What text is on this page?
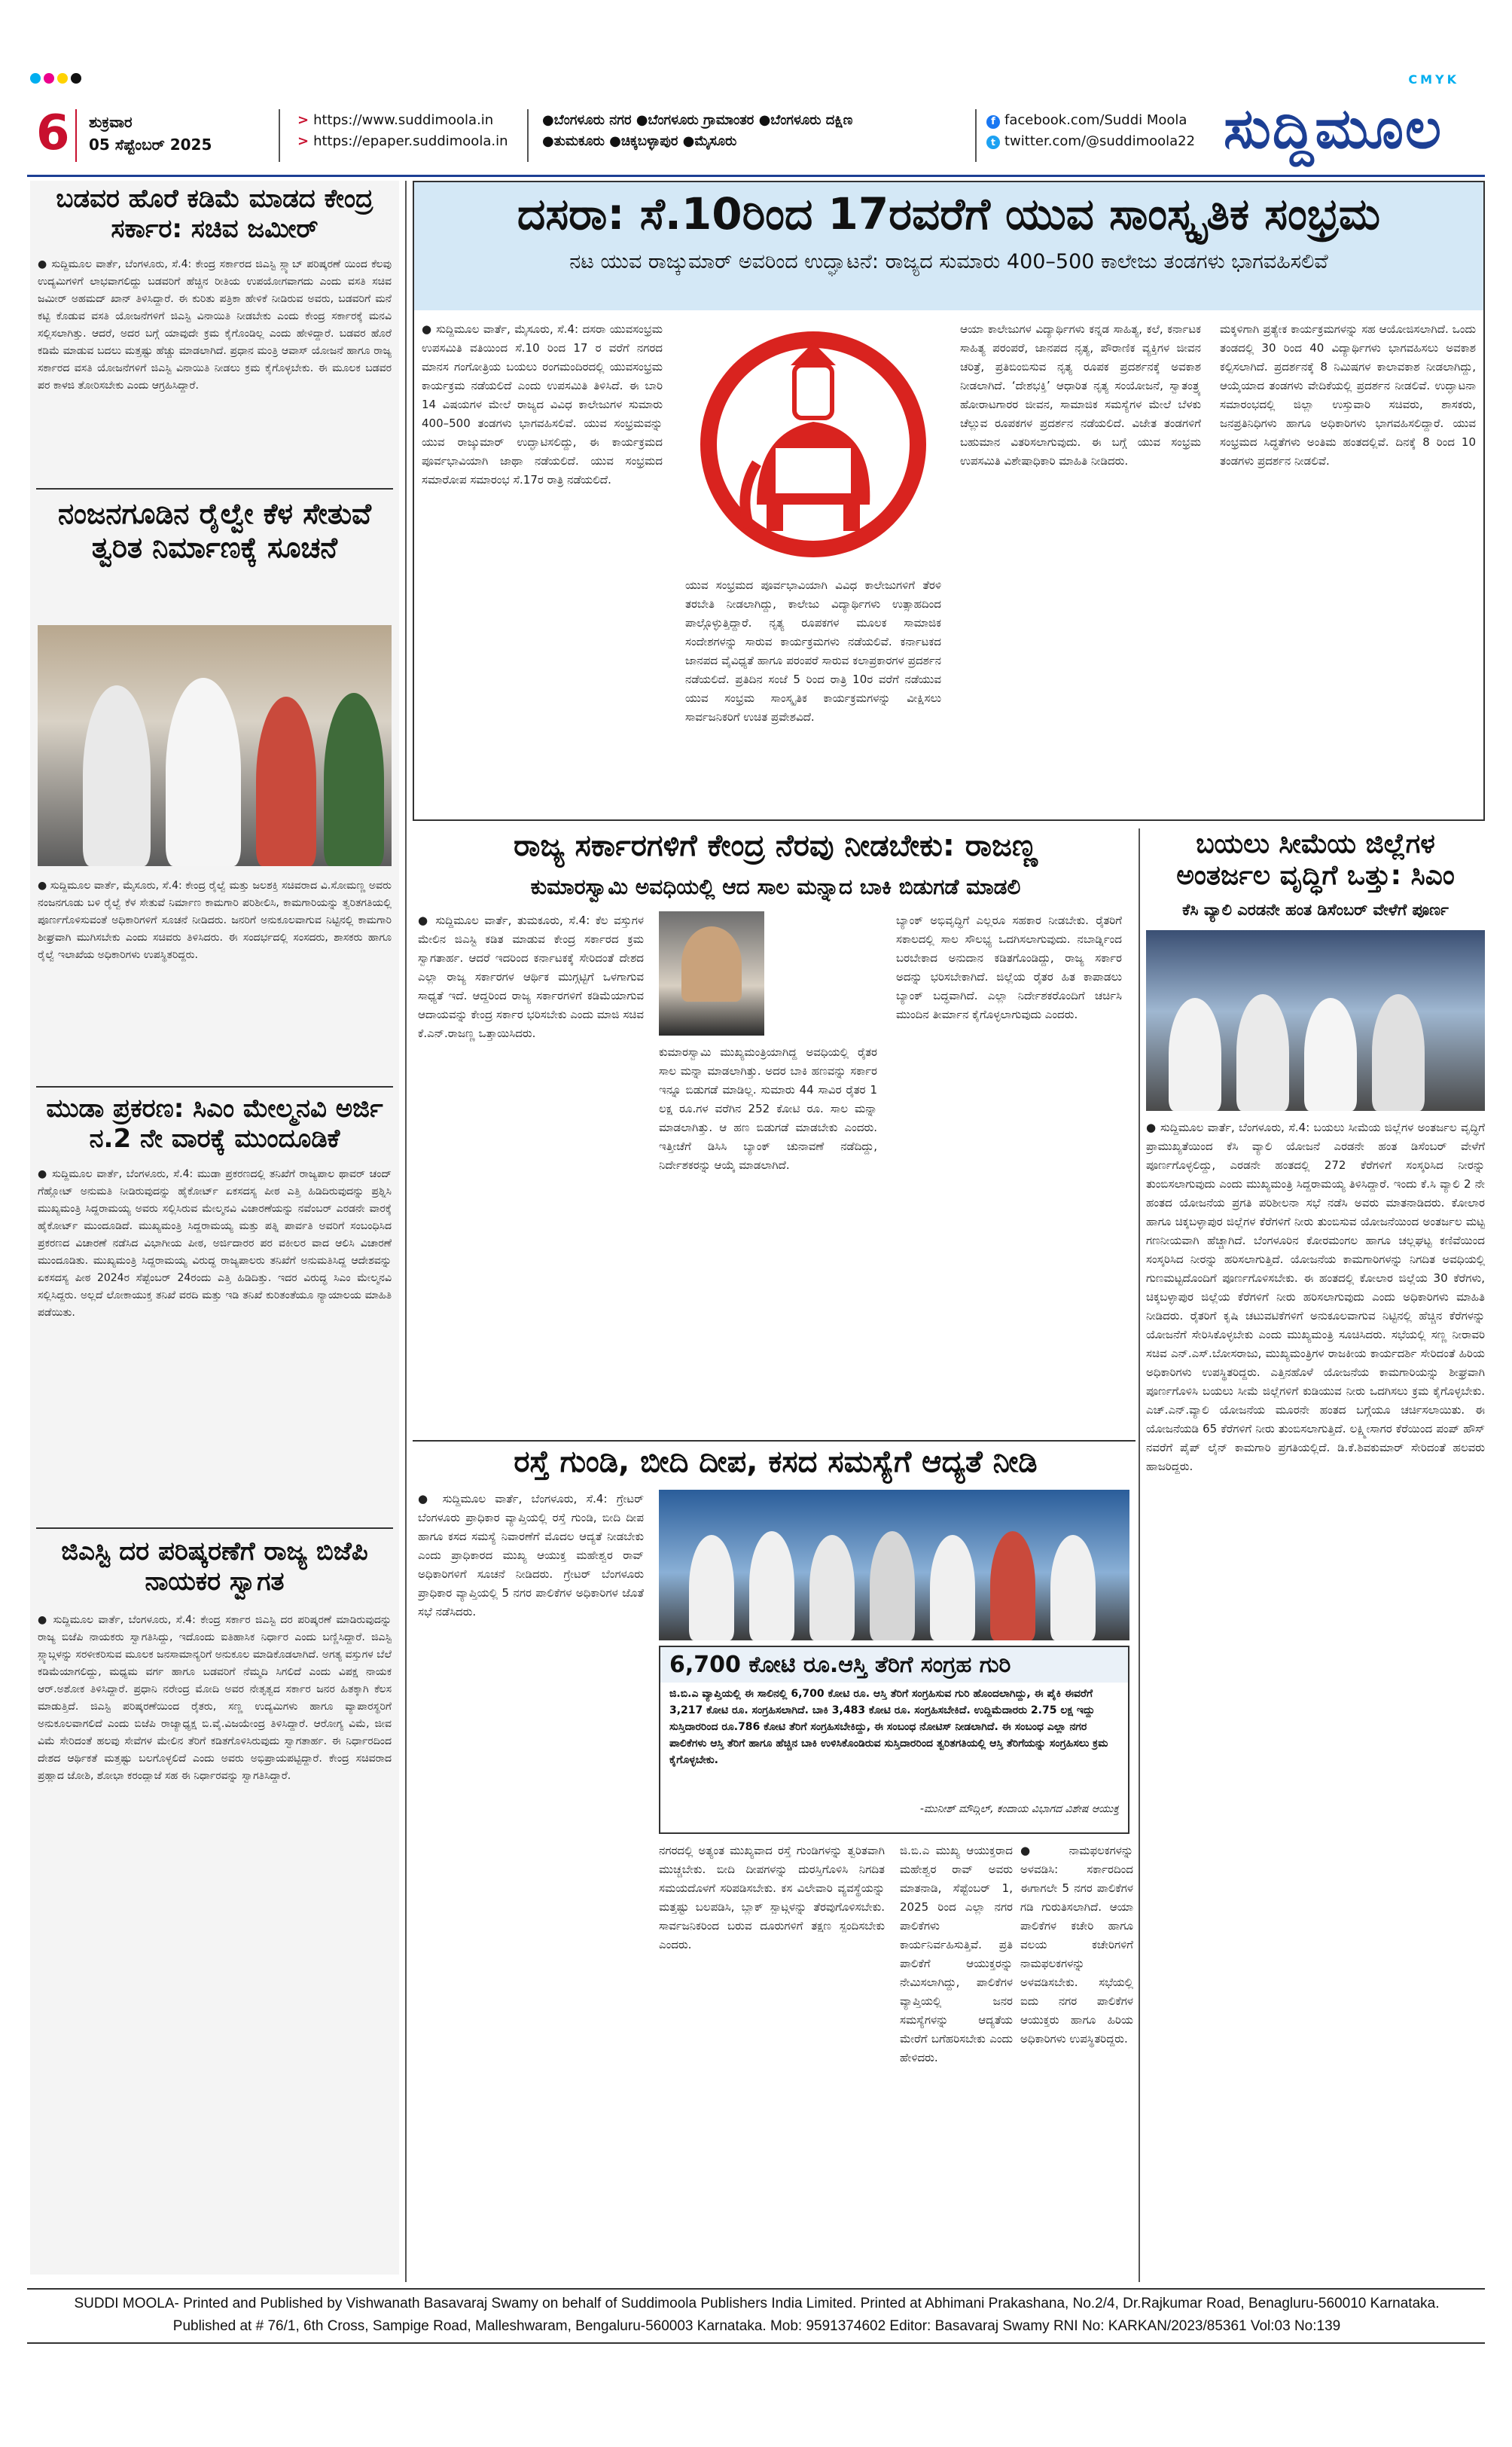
CMYK
6 ಶುಕ್ರವಾರ
05 ಸೆಪ್ಟೆಂಬರ್ 2025
> https://www.suddimoola.in
> https://epaper.suddimoola.in
●ಬೆಂಗಳೂರು ನಗರ ●ಬೆಂಗಳೂರು ಗ್ರಾಮಾಂತರ ●ಬೆಂಗಳೂರು ದಕ್ಷಿಣ
●ತುಮಕೂರು ●ಚಿಕ್ಕಬಳ್ಳಾಪುರ ●ಮೈಸೂರು
f facebook.com/Suddi Moola
t twitter.com/@suddimoola22 ಸುದ್ದಿಮೂಲ
ಬಡವರ ಹೊರೆ ಕಡಿಮೆ ಮಾಡದ ಕೇಂದ್ರ ಸರ್ಕಾರ: ಸಚಿವ ಜಮೀರ್
● ಸುದ್ದಿಮೂಲ ವಾರ್ತೆ, ಬೆಂಗಳೂರು, ಸೆ.4: ಕೇಂದ್ರ ಸರ್ಕಾರದ ಜಿಎಸ್ಟಿ ಸ್ಲ್ಯಾಬ್ ಪರಿಷ್ಕರಣೆ ಯಿಂದ ಕೆಲವು ಉದ್ಯಮಿಗಳಿಗೆ ಲಾಭವಾಗಲಿದ್ದು ಬಡವರಿಗೆ ಹೆಚ್ಚಿನ ರೀತಿಯ ಉಪಯೋಗವಾಗದು ಎಂದು ವಸತಿ ಸಚಿವ ಜಮೀರ್ ಅಹಮದ್ ಖಾನ್ ತಿಳಿಸಿದ್ದಾರೆ. ಈ ಕುರಿತು ಪತ್ರಿಕಾ ಹೇಳಿಕೆ ನೀಡಿರುವ ಅವರು, ಬಡವರಿಗೆ ಮನೆ ಕಟ್ಟಿ ಕೊಡುವ ವಸತಿ ಯೋಜನೆಗಳಿಗೆ ಜಿಎಸ್ಟಿ ವಿನಾಯಿತಿ ನೀಡಬೇಕು ಎಂದು ಕೇಂದ್ರ ಸರ್ಕಾರಕ್ಕೆ ಮನವಿ ಸಲ್ಲಿಸಲಾಗಿತ್ತು. ಆದರೆ, ಅದರ ಬಗ್ಗೆ ಯಾವುದೇ ಕ್ರಮ ಕೈಗೊಂಡಿಲ್ಲ ಎಂದು ಹೇಳಿದ್ದಾರೆ. ಬಡವರ ಹೊರೆ ಕಡಿಮೆ ಮಾಡುವ ಬದಲು ಮತ್ತಷ್ಟು ಹೆಚ್ಚು ಮಾಡಲಾಗಿದೆ. ಪ್ರಧಾನ ಮಂತ್ರಿ ಆವಾಸ್ ಯೋಜನೆ ಹಾಗೂ ರಾಜ್ಯ ಸರ್ಕಾರದ ವಸತಿ ಯೋಜನೆಗಳಿಗೆ ಜಿಎಸ್ಟಿ ವಿನಾಯಿತಿ ನೀಡಲು ಕ್ರಮ ಕೈಗೊಳ್ಳಬೇಕು. ಈ ಮೂಲಕ ಬಡವರ ಪರ ಕಾಳಜಿ ತೋರಿಸಬೇಕು ಎಂದು ಆಗ್ರಹಿಸಿದ್ದಾರೆ.
ನಂಜನಗೂಡಿನ ರೈಲ್ವೇ ಕೆಳ ಸೇತುವೆ ತ್ವರಿತ ನಿರ್ಮಾಣಕ್ಕೆ ಸೂಚನೆ
● ಸುದ್ದಿಮೂಲ ವಾರ್ತೆ, ಮೈಸೂರು, ಸೆ.4: ಕೇಂದ್ರ ರೈಲ್ವೆ ಮತ್ತು ಜಲಶಕ್ತಿ ಸಚಿವರಾದ ವಿ.ಸೋಮಣ್ಣ ಅವರು ನಂಜನಗೂಡು ಬಳಿ ರೈಲ್ವೆ ಕೆಳ ಸೇತುವೆ ನಿರ್ಮಾಣ ಕಾಮಗಾರಿ ಪರಿಶೀಲಿಸಿ, ಕಾಮಗಾರಿಯನ್ನು ತ್ವರಿತಗತಿಯಲ್ಲಿ ಪೂರ್ಣಗೊಳಿಸುವಂತೆ ಅಧಿಕಾರಿಗಳಿಗೆ ಸೂಚನೆ ನೀಡಿದರು. ಜನರಿಗೆ ಅನುಕೂಲವಾಗುವ ನಿಟ್ಟಿನಲ್ಲಿ ಕಾಮಗಾರಿ ಶೀಘ್ರವಾಗಿ ಮುಗಿಸಬೇಕು ಎಂದು ಸಚಿವರು ತಿಳಿಸಿದರು. ಈ ಸಂದರ್ಭದಲ್ಲಿ ಸಂಸದರು, ಶಾಸಕರು ಹಾಗೂ ರೈಲ್ವೆ ಇಲಾಖೆಯ ಅಧಿಕಾರಿಗಳು ಉಪಸ್ಥಿತರಿದ್ದರು.
ಮುಡಾ ಪ್ರಕರಣ: ಸಿಎಂ ಮೇಲ್ಮನವಿ ಅರ್ಜಿ ನ.2 ನೇ ವಾರಕ್ಕೆ ಮುಂದೂಡಿಕೆ
● ಸುದ್ದಿಮೂಲ ವಾರ್ತೆ, ಬೆಂಗಳೂರು, ಸೆ.4: ಮುಡಾ ಪ್ರಕರಣದಲ್ಲಿ ತನಿಖೆಗೆ ರಾಜ್ಯಪಾಲ ಥಾವರ್ ಚಂದ್ ಗೆಹ್ಲೋಟ್ ಅನುಮತಿ ನೀಡಿರುವುದನ್ನು ಹೈಕೋರ್ಟ್ ಏಕಸದಸ್ಯ ಪೀಠ ಎತ್ತಿ ಹಿಡಿದಿರುವುದನ್ನು ಪ್ರಶ್ನಿಸಿ ಮುಖ್ಯಮಂತ್ರಿ ಸಿದ್ದರಾಮಯ್ಯ ಅವರು ಸಲ್ಲಿಸಿರುವ ಮೇಲ್ಮನವಿ ವಿಚಾರಣೆಯನ್ನು ನವೆಂಬರ್ ಎರಡನೇ ವಾರಕ್ಕೆ ಹೈಕೋರ್ಟ್ ಮುಂದೂಡಿದೆ. ಮುಖ್ಯಮಂತ್ರಿ ಸಿದ್ದರಾಮಯ್ಯ ಮತ್ತು ಪತ್ನಿ ಪಾರ್ವತಿ ಅವರಿಗೆ ಸಂಬಂಧಿಸಿದ ಪ್ರಕರಣದ ವಿಚಾರಣೆ ನಡೆಸಿದ ವಿಭಾಗೀಯ ಪೀಠ, ಅರ್ಜಿದಾರರ ಪರ ವಕೀಲರ ವಾದ ಆಲಿಸಿ ವಿಚಾರಣೆ ಮುಂದೂಡಿತು. ಮುಖ್ಯಮಂತ್ರಿ ಸಿದ್ದರಾಮಯ್ಯ ವಿರುದ್ಧ ರಾಜ್ಯಪಾಲರು ತನಿಖೆಗೆ ಅನುಮತಿಸಿದ್ದ ಆದೇಶವನ್ನು ಏಕಸದಸ್ಯ ಪೀಠ 2024ರ ಸೆಪ್ಟೆಂಬರ್ 24ರಂದು ಎತ್ತಿ ಹಿಡಿದಿತ್ತು. ಇದರ ವಿರುದ್ಧ ಸಿಎಂ ಮೇಲ್ಮನವಿ ಸಲ್ಲಿಸಿದ್ದರು. ಅಲ್ಲದೆ ಲೋಕಾಯುಕ್ತ ತನಿಖೆ ವರದಿ ಮತ್ತು ಇಡಿ ತನಿಖೆ ಕುರಿತಂತೆಯೂ ನ್ಯಾಯಾಲಯ ಮಾಹಿತಿ ಪಡೆಯಿತು.
ಜಿಎಸ್ಟಿ ದರ ಪರಿಷ್ಕರಣೆಗೆ ರಾಜ್ಯ ಬಿಜೆಪಿ ನಾಯಕರ ಸ್ವಾಗತ
● ಸುದ್ದಿಮೂಲ ವಾರ್ತೆ, ಬೆಂಗಳೂರು, ಸೆ.4: ಕೇಂದ್ರ ಸರ್ಕಾರ ಜಿಎಸ್ಟಿ ದರ ಪರಿಷ್ಕರಣೆ ಮಾಡಿರುವುದನ್ನು ರಾಜ್ಯ ಬಿಜೆಪಿ ನಾಯಕರು ಸ್ವಾಗತಿಸಿದ್ದು, ಇದೊಂದು ಐತಿಹಾಸಿಕ ನಿರ್ಧಾರ ಎಂದು ಬಣ್ಣಿಸಿದ್ದಾರೆ. ಜಿಎಸ್ಟಿ ಸ್ಲ್ಯಾಬ್ಗಳನ್ನು ಸರಳೀಕರಿಸುವ ಮೂಲಕ ಜನಸಾಮಾನ್ಯರಿಗೆ ಅನುಕೂಲ ಮಾಡಿಕೊಡಲಾಗಿದೆ. ಅಗತ್ಯ ವಸ್ತುಗಳ ಬೆಲೆ ಕಡಿಮೆಯಾಗಲಿದ್ದು, ಮಧ್ಯಮ ವರ್ಗ ಹಾಗೂ ಬಡವರಿಗೆ ನೆಮ್ಮದಿ ಸಿಗಲಿದೆ ಎಂದು ವಿಪಕ್ಷ ನಾಯಕ ಆರ್.ಅಶೋಕ ತಿಳಿಸಿದ್ದಾರೆ. ಪ್ರಧಾನಿ ನರೇಂದ್ರ ಮೋದಿ ಅವರ ನೇತೃತ್ವದ ಸರ್ಕಾರ ಜನರ ಹಿತಕ್ಕಾಗಿ ಕೆಲಸ ಮಾಡುತ್ತಿದೆ. ಜಿಎಸ್ಟಿ ಪರಿಷ್ಕರಣೆಯಿಂದ ರೈತರು, ಸಣ್ಣ ಉದ್ಯಮಿಗಳು ಹಾಗೂ ವ್ಯಾಪಾರಸ್ಥರಿಗೆ ಅನುಕೂಲವಾಗಲಿದೆ ಎಂದು ಬಿಜೆಪಿ ರಾಜ್ಯಾಧ್ಯಕ್ಷ ಬಿ.ವೈ.ವಿಜಯೇಂದ್ರ ತಿಳಿಸಿದ್ದಾರೆ. ಆರೋಗ್ಯ ವಿಮೆ, ಜೀವ ವಿಮೆ ಸೇರಿದಂತೆ ಹಲವು ಸೇವೆಗಳ ಮೇಲಿನ ತೆರಿಗೆ ಕಡಿತಗೊಳಿಸಿರುವುದು ಸ್ವಾಗತಾರ್ಹ. ಈ ನಿರ್ಧಾರದಿಂದ ದೇಶದ ಆರ್ಥಿಕತೆ ಮತ್ತಷ್ಟು ಬಲಗೊಳ್ಳಲಿದೆ ಎಂದು ಅವರು ಅಭಿಪ್ರಾಯಪಟ್ಟಿದ್ದಾರೆ. ಕೇಂದ್ರ ಸಚಿವರಾದ ಪ್ರಹ್ಲಾದ ಜೋಶಿ, ಶೋಭಾ ಕರಂದ್ಲಾಜೆ ಸಹ ಈ ನಿರ್ಧಾರವನ್ನು ಸ್ವಾಗತಿಸಿದ್ದಾರೆ.
ದಸರಾ: ಸೆ.10ರಿಂದ 17ರವರೆಗೆ ಯುವ ಸಾಂಸ್ಕೃತಿಕ ಸಂಭ್ರಮ
ನಟ ಯುವ ರಾಜ್ಕುಮಾರ್ ಅವರಿಂದ ಉದ್ಘಾಟನೆ: ರಾಜ್ಯದ ಸುಮಾರು 400–500 ಕಾಲೇಜು ತಂಡಗಳು ಭಾಗವಹಿಸಲಿವೆ
● ಸುದ್ದಿಮೂಲ ವಾರ್ತೆ, ಮೈಸೂರು, ಸೆ.4: ದಸರಾ ಯುವಸಂಭ್ರಮ ಉಪಸಮಿತಿ ವತಿಯಿಂದ ಸೆ.10 ರಿಂದ 17 ರ ವರೆಗೆ ನಗರದ ಮಾನಸ ಗಂಗೋತ್ರಿಯ ಬಯಲು ರಂಗಮಂದಿರದಲ್ಲಿ ಯುವಸಂಭ್ರಮ ಕಾರ್ಯಕ್ರಮ ನಡೆಯಲಿದೆ ಎಂದು ಉಪಸಮಿತಿ ತಿಳಿಸಿದೆ. ಈ ಬಾರಿ 14 ವಿಷಯಗಳ ಮೇಲೆ ರಾಜ್ಯದ ವಿವಿಧ ಕಾಲೇಜುಗಳ ಸುಮಾರು 400–500 ತಂಡಗಳು ಭಾಗವಹಿಸಲಿವೆ. ಯುವ ಸಂಭ್ರಮವನ್ನು ಯುವ ರಾಜ್ಕುಮಾರ್ ಉದ್ಘಾಟಿಸಲಿದ್ದು, ಈ ಕಾರ್ಯಕ್ರಮದ ಪೂರ್ವಭಾವಿಯಾಗಿ ಜಾಥಾ ನಡೆಯಲಿದೆ. ಯುವ ಸಂಭ್ರಮದ ಸಮಾರೋಪ ಸಮಾರಂಭ ಸೆ.17ರ ರಾತ್ರಿ ನಡೆಯಲಿದೆ.
ಯುವ ಸಂಭ್ರಮದ ಪೂರ್ವಭಾವಿಯಾಗಿ ವಿವಿಧ ಕಾಲೇಜುಗಳಿಗೆ ತೆರಳಿ ತರಬೇತಿ ನೀಡಲಾಗಿದ್ದು, ಕಾಲೇಜು ವಿದ್ಯಾರ್ಥಿಗಳು ಉತ್ಸಾಹದಿಂದ ಪಾಲ್ಗೊಳ್ಳುತ್ತಿದ್ದಾರೆ. ನೃತ್ಯ ರೂಪಕಗಳ ಮೂಲಕ ಸಾಮಾಜಿಕ ಸಂದೇಶಗಳನ್ನು ಸಾರುವ ಕಾರ್ಯಕ್ರಮಗಳು ನಡೆಯಲಿವೆ. ಕರ್ನಾಟಕದ ಜಾನಪದ ವೈವಿಧ್ಯತೆ ಹಾಗೂ ಪರಂಪರೆ ಸಾರುವ ಕಲಾಪ್ರಕಾರಗಳ ಪ್ರದರ್ಶನ ನಡೆಯಲಿದೆ. ಪ್ರತಿದಿನ ಸಂಜೆ 5 ರಿಂದ ರಾತ್ರಿ 10ರ ವರೆಗೆ ನಡೆಯುವ ಯುವ ಸಂಭ್ರಮ ಸಾಂಸ್ಕೃತಿಕ ಕಾರ್ಯಕ್ರಮಗಳನ್ನು ವೀಕ್ಷಿಸಲು ಸಾರ್ವಜನಿಕರಿಗೆ ಉಚಿತ ಪ್ರವೇಶವಿದೆ.
ಆಯಾ ಕಾಲೇಜುಗಳ ವಿದ್ಯಾರ್ಥಿಗಳು ಕನ್ನಡ ಸಾಹಿತ್ಯ, ಕಲೆ, ಕರ್ನಾಟಕ ಸಾಹಿತ್ಯ ಪರಂಪರೆ, ಜಾನಪದ ನೃತ್ಯ, ಪೌರಾಣಿಕ ವ್ಯಕ್ತಿಗಳ ಜೀವನ ಚರಿತ್ರೆ, ಪ್ರತಿಬಿಂಬಿಸುವ ನೃತ್ಯ ರೂಪಕ ಪ್ರದರ್ಶನಕ್ಕೆ ಅವಕಾಶ ನೀಡಲಾಗಿದೆ. ‘ದೇಶಭಕ್ತಿ’ ಆಧಾರಿತ ನೃತ್ಯ ಸಂಯೋಜನೆ, ಸ್ವಾತಂತ್ರ್ಯ ಹೋರಾಟಗಾರರ ಜೀವನ, ಸಾಮಾಜಿಕ ಸಮಸ್ಯೆಗಳ ಮೇಲೆ ಬೆಳಕು ಚೆಲ್ಲುವ ರೂಪಕಗಳ ಪ್ರದರ್ಶನ ನಡೆಯಲಿದೆ. ವಿಜೇತ ತಂಡಗಳಿಗೆ ಬಹುಮಾನ ವಿತರಿಸಲಾಗುವುದು. ಈ ಬಗ್ಗೆ ಯುವ ಸಂಭ್ರಮ ಉಪಸಮಿತಿ ವಿಶೇಷಾಧಿಕಾರಿ ಮಾಹಿತಿ ನೀಡಿದರು.
ಮಕ್ಕಳಿಗಾಗಿ ಪ್ರತ್ಯೇಕ ಕಾರ್ಯಕ್ರಮಗಳನ್ನು ಸಹ ಆಯೋಜಿಸಲಾಗಿದೆ. ಒಂದು ತಂಡದಲ್ಲಿ 30 ರಿಂದ 40 ವಿದ್ಯಾರ್ಥಿಗಳು ಭಾಗವಹಿಸಲು ಅವಕಾಶ ಕಲ್ಪಿಸಲಾಗಿದೆ. ಪ್ರದರ್ಶನಕ್ಕೆ 8 ನಿಮಿಷಗಳ ಕಾಲಾವಕಾಶ ನೀಡಲಾಗಿದ್ದು, ಆಯ್ಕೆಯಾದ ತಂಡಗಳು ವೇದಿಕೆಯಲ್ಲಿ ಪ್ರದರ್ಶನ ನೀಡಲಿವೆ. ಉದ್ಘಾಟನಾ ಸಮಾರಂಭದಲ್ಲಿ ಜಿಲ್ಲಾ ಉಸ್ತುವಾರಿ ಸಚಿವರು, ಶಾಸಕರು, ಜನಪ್ರತಿನಿಧಿಗಳು ಹಾಗೂ ಅಧಿಕಾರಿಗಳು ಭಾಗವಹಿಸಲಿದ್ದಾರೆ. ಯುವ ಸಂಭ್ರಮದ ಸಿದ್ಧತೆಗಳು ಅಂತಿಮ ಹಂತದಲ್ಲಿವೆ. ದಿನಕ್ಕೆ 8 ರಿಂದ 10 ತಂಡಗಳು ಪ್ರದರ್ಶನ ನೀಡಲಿವೆ.
ರಾಜ್ಯ ಸರ್ಕಾರಗಳಿಗೆ ಕೇಂದ್ರ ನೆರವು ನೀಡಬೇಕು: ರಾಜಣ್ಣ
ಕುಮಾರಸ್ವಾಮಿ ಅವಧಿಯಲ್ಲಿ ಆದ ಸಾಲ ಮನ್ನಾದ ಬಾಕಿ ಬಿಡುಗಡೆ ಮಾಡಲಿ
● ಸುದ್ದಿಮೂಲ ವಾರ್ತೆ, ತುಮಕೂರು, ಸೆ.4: ಕೆಲ ವಸ್ತುಗಳ ಮೇಲಿನ ಜಿಎಸ್ಟಿ ಕಡಿತ ಮಾಡುವ ಕೇಂದ್ರ ಸರ್ಕಾರದ ಕ್ರಮ ಸ್ವಾಗತಾರ್ಹ. ಆದರೆ ಇದರಿಂದ ಕರ್ನಾಟಕಕ್ಕೆ ಸೇರಿದಂತೆ ದೇಶದ ಎಲ್ಲಾ ರಾಜ್ಯ ಸರ್ಕಾರಗಳ ಆರ್ಥಿಕ ಮುಗ್ಗಟ್ಟಿಗೆ ಒಳಗಾಗುವ ಸಾಧ್ಯತೆ ಇದೆ. ಆದ್ದರಿಂದ ರಾಜ್ಯ ಸರ್ಕಾರಗಳಿಗೆ ಕಡಿಮೆಯಾಗುವ ಆದಾಯವನ್ನು ಕೇಂದ್ರ ಸರ್ಕಾರ ಭರಿಸಬೇಕು ಎಂದು ಮಾಜಿ ಸಚಿವ ಕೆ.ಎನ್.ರಾಜಣ್ಣ ಒತ್ತಾಯಿಸಿದರು.
ಕುಮಾರಸ್ವಾಮಿ ಮುಖ್ಯಮಂತ್ರಿಯಾಗಿದ್ದ ಅವಧಿಯಲ್ಲಿ ರೈತರ ಸಾಲ ಮನ್ನಾ ಮಾಡಲಾಗಿತ್ತು. ಅದರ ಬಾಕಿ ಹಣವನ್ನು ಸರ್ಕಾರ ಇನ್ನೂ ಬಿಡುಗಡೆ ಮಾಡಿಲ್ಲ. ಸುಮಾರು 44 ಸಾವಿರ ರೈತರ 1 ಲಕ್ಷ ರೂ.ಗಳ ವರೆಗಿನ 252 ಕೋಟಿ ರೂ. ಸಾಲ ಮನ್ನಾ ಮಾಡಲಾಗಿತ್ತು. ಆ ಹಣ ಬಿಡುಗಡೆ ಮಾಡಬೇಕು ಎಂದರು. ಇತ್ತೀಚೆಗೆ ಡಿಸಿಸಿ ಬ್ಯಾಂಕ್ ಚುನಾವಣೆ ನಡೆದಿದ್ದು, ನಿರ್ದೇಶಕರನ್ನು ಆಯ್ಕೆ ಮಾಡಲಾಗಿದೆ.
ಬ್ಯಾಂಕ್ ಅಭಿವೃದ್ಧಿಗೆ ಎಲ್ಲರೂ ಸಹಕಾರ ನೀಡಬೇಕು. ರೈತರಿಗೆ ಸಕಾಲದಲ್ಲಿ ಸಾಲ ಸೌಲಭ್ಯ ಒದಗಿಸಲಾಗುವುದು. ನಬಾರ್ಡ್ನಿಂದ ಬರಬೇಕಾದ ಅನುದಾನ ಕಡಿತಗೊಂಡಿದ್ದು, ರಾಜ್ಯ ಸರ್ಕಾರ ಅದನ್ನು ಭರಿಸಬೇಕಾಗಿದೆ. ಜಿಲ್ಲೆಯ ರೈತರ ಹಿತ ಕಾಪಾಡಲು ಬ್ಯಾಂಕ್ ಬದ್ಧವಾಗಿದೆ. ಎಲ್ಲಾ ನಿರ್ದೇಶಕರೊಂದಿಗೆ ಚರ್ಚಿಸಿ ಮುಂದಿನ ತೀರ್ಮಾನ ಕೈಗೊಳ್ಳಲಾಗುವುದು ಎಂದರು.
ರಸ್ತೆ ಗುಂಡಿ, ಬೀದಿ ದೀಪ, ಕಸದ ಸಮಸ್ಯೆಗೆ ಆದ್ಯತೆ ನೀಡಿ
● ಸುದ್ದಿಮೂಲ ವಾರ್ತೆ, ಬೆಂಗಳೂರು, ಸೆ.4: ಗ್ರೇಟರ್ ಬೆಂಗಳೂರು ಪ್ರಾಧಿಕಾರ ವ್ಯಾಪ್ತಿಯಲ್ಲಿ ರಸ್ತೆ ಗುಂಡಿ, ಬೀದಿ ದೀಪ ಹಾಗೂ ಕಸದ ಸಮಸ್ಯೆ ನಿವಾರಣೆಗೆ ಮೊದಲ ಆದ್ಯತೆ ನೀಡಬೇಕು ಎಂದು ಪ್ರಾಧಿಕಾರದ ಮುಖ್ಯ ಆಯುಕ್ತ ಮಹೇಶ್ವರ ರಾವ್ ಅಧಿಕಾರಿಗಳಿಗೆ ಸೂಚನೆ ನೀಡಿದರು. ಗ್ರೇಟರ್ ಬೆಂಗಳೂರು ಪ್ರಾಧಿಕಾರ ವ್ಯಾಪ್ತಿಯಲ್ಲಿ 5 ನಗರ ಪಾಲಿಕೆಗಳ ಅಧಿಕಾರಿಗಳ ಜೊತೆ ಸಭೆ ನಡೆಸಿದರು.
6,700 ಕೋಟಿ ರೂ.ಆಸ್ತಿ ತೆರಿಗೆ ಸಂಗ್ರಹ ಗುರಿ
ಜಿ.ಬಿ.ಎ ವ್ಯಾಪ್ತಿಯಲ್ಲಿ ಈ ಸಾಲಿನಲ್ಲಿ 6,700 ಕೋಟಿ ರೂ. ಆಸ್ತಿ ತೆರಿಗೆ ಸಂಗ್ರಹಿಸುವ ಗುರಿ ಹೊಂದಲಾಗಿದ್ದು, ಈ ಪೈಕಿ ಈವರೆಗೆ 3,217 ಕೋಟಿ ರೂ. ಸಂಗ್ರಹಿಸಲಾಗಿದೆ. ಬಾಕಿ 3,483 ಕೋಟಿ ರೂ. ಸಂಗ್ರಹಿಸಬೇಕಿದೆ. ಉದ್ದಿಮೆದಾರರು 2.75 ಲಕ್ಷ ಇದ್ದು ಸುಸ್ತಿದಾರರಿಂದ ರೂ.786 ಕೋಟಿ ತೆರಿಗೆ ಸಂಗ್ರಹಿಸಬೇಕಿದ್ದು, ಈ ಸಂಬಂಧ ನೋಟಿಸ್ ನೀಡಲಾಗಿದೆ. ಈ ಸಂಬಂಧ ಎಲ್ಲಾ ನಗರ ಪಾಲಿಕೆಗಳು ಆಸ್ತಿ ತೆರಿಗೆ ಹಾಗೂ ಹೆಚ್ಚಿನ ಬಾಕಿ ಉಳಿಸಿಕೊಂಡಿರುವ ಸುಸ್ತಿದಾರರಿಂದ ತ್ವರಿತಗತಿಯಲ್ಲಿ ಆಸ್ತಿ ತೆರಿಗೆಯನ್ನು ಸಂಗ್ರಹಿಸಲು ಕ್ರಮ ಕೈಗೊಳ್ಳಬೇಕು.
-ಮುನೀಶ್ ಮೌದ್ಗಿಲ್, ಕಂದಾಯ ವಿಭಾಗದ ವಿಶೇಷ ಆಯುಕ್ತ
ನಗರದಲ್ಲಿ ಅತ್ಯಂತ ಮುಖ್ಯವಾದ ರಸ್ತೆ ಗುಂಡಿಗಳನ್ನು ತ್ವರಿತವಾಗಿ ಮುಚ್ಚಬೇಕು. ಬೀದಿ ದೀಪಗಳನ್ನು ದುರಸ್ತಿಗೊಳಿಸಿ ನಿಗದಿತ ಸಮಯದೊಳಗೆ ಸರಿಪಡಿಸಬೇಕು. ಕಸ ವಿಲೇವಾರಿ ವ್ಯವಸ್ಥೆಯನ್ನು ಮತ್ತಷ್ಟು ಬಲಪಡಿಸಿ, ಬ್ಲಾಕ್ ಸ್ಪಾಟ್ಗಳನ್ನು ತೆರವುಗೊಳಿಸಬೇಕು. ಸಾರ್ವಜನಿಕರಿಂದ ಬರುವ ದೂರುಗಳಿಗೆ ತಕ್ಷಣ ಸ್ಪಂದಿಸಬೇಕು ಎಂದರು.
ಜಿ.ಬಿ.ಎ ಮುಖ್ಯ ಆಯುಕ್ತರಾದ ಮಹೇಶ್ವರ ರಾವ್ ಅವರು ಮಾತನಾಡಿ, ಸೆಪ್ಟೆಂಬರ್ 1, 2025 ರಿಂದ ಎಲ್ಲಾ ನಗರ ಪಾಲಿಕೆಗಳು ಕಾರ್ಯನಿರ್ವಹಿಸುತ್ತಿವೆ. ಪ್ರತಿ ಪಾಲಿಕೆಗೆ ಆಯುಕ್ತರನ್ನು ನೇಮಿಸಲಾಗಿದ್ದು, ಪಾಲಿಕೆಗಳ ವ್ಯಾಪ್ತಿಯಲ್ಲಿ ಜನರ ಸಮಸ್ಯೆಗಳನ್ನು ಆದ್ಯತೆಯ ಮೇರೆಗೆ ಬಗೆಹರಿಸಬೇಕು ಎಂದು ಹೇಳಿದರು.
● ನಾಮಫಲಕಗಳನ್ನು ಅಳವಡಿಸಿ: ಸರ್ಕಾರದಿಂದ ಈಗಾಗಲೇ 5 ನಗರ ಪಾಲಿಕೆಗಳ ಗಡಿ ಗುರುತಿಸಲಾಗಿದೆ. ಆಯಾ ಪಾಲಿಕೆಗಳ ಕಚೇರಿ ಹಾಗೂ ವಲಯ ಕಚೇರಿಗಳಿಗೆ ನಾಮಫಲಕಗಳನ್ನು ಅಳವಡಿಸಬೇಕು. ಸಭೆಯಲ್ಲಿ ಐದು ನಗರ ಪಾಲಿಕೆಗಳ ಆಯುಕ್ತರು ಹಾಗೂ ಹಿರಿಯ ಅಧಿಕಾರಿಗಳು ಉಪಸ್ಥಿತರಿದ್ದರು.
ಬಯಲು ಸೀಮೆಯ ಜಿಲ್ಲೆಗಳ ಅಂತರ್ಜಲ ವೃದ್ಧಿಗೆ ಒತ್ತು: ಸಿಎಂ
ಕೆಸಿ ವ್ಯಾಲಿ ಎರಡನೇ ಹಂತ ಡಿಸೆಂಬರ್ ವೇಳೆಗೆ ಪೂರ್ಣ
● ಸುದ್ದಿಮೂಲ ವಾರ್ತೆ, ಬೆಂಗಳೂರು, ಸೆ.4: ಬಯಲು ಸೀಮೆಯ ಜಿಲ್ಲೆಗಳ ಅಂತರ್ಜಲ ವೃದ್ಧಿಗೆ ಪ್ರಾಮುಖ್ಯತೆಯಿಂದ ಕೆಸಿ ವ್ಯಾಲಿ ಯೋಜನೆ ಎರಡನೇ ಹಂತ ಡಿಸೆಂಬರ್ ವೇಳೆಗೆ ಪೂರ್ಣಗೊಳ್ಳಲಿದ್ದು, ಎರಡನೇ ಹಂತದಲ್ಲಿ 272 ಕೆರೆಗಳಿಗೆ ಸಂಸ್ಕರಿಸಿದ ನೀರನ್ನು ತುಂಬಿಸಲಾಗುವುದು ಎಂದು ಮುಖ್ಯಮಂತ್ರಿ ಸಿದ್ದರಾಮಯ್ಯ ತಿಳಿಸಿದ್ದಾರೆ. ಇಂದು ಕೆ.ಸಿ ವ್ಯಾಲಿ 2 ನೇ ಹಂತದ ಯೋಜನೆಯ ಪ್ರಗತಿ ಪರಿಶೀಲನಾ ಸಭೆ ನಡೆಸಿ ಅವರು ಮಾತನಾಡಿದರು. ಕೋಲಾರ ಹಾಗೂ ಚಿಕ್ಕಬಳ್ಳಾಪುರ ಜಿಲ್ಲೆಗಳ ಕೆರೆಗಳಿಗೆ ನೀರು ತುಂಬಿಸುವ ಯೋಜನೆಯಿಂದ ಅಂತರ್ಜಲ ಮಟ್ಟ ಗಣನೀಯವಾಗಿ ಹೆಚ್ಚಾಗಿದೆ. ಬೆಂಗಳೂರಿನ ಕೋರಮಂಗಲ ಹಾಗೂ ಚಲ್ಲಘಟ್ಟ ಕಣಿವೆಯಿಂದ ಸಂಸ್ಕರಿಸಿದ ನೀರನ್ನು ಹರಿಸಲಾಗುತ್ತಿದೆ. ಯೋಜನೆಯ ಕಾಮಗಾರಿಗಳನ್ನು ನಿಗದಿತ ಅವಧಿಯಲ್ಲಿ ಗುಣಮಟ್ಟದೊಂದಿಗೆ ಪೂರ್ಣಗೊಳಿಸಬೇಕು. ಈ ಹಂತದಲ್ಲಿ ಕೋಲಾರ ಜಿಲ್ಲೆಯ 30 ಕೆರೆಗಳು, ಚಿಕ್ಕಬಳ್ಳಾಪುರ ಜಿಲ್ಲೆಯ ಕೆರೆಗಳಿಗೆ ನೀರು ಹರಿಸಲಾಗುವುದು ಎಂದು ಅಧಿಕಾರಿಗಳು ಮಾಹಿತಿ ನೀಡಿದರು. ರೈತರಿಗೆ ಕೃಷಿ ಚಟುವಟಿಕೆಗಳಿಗೆ ಅನುಕೂಲವಾಗುವ ನಿಟ್ಟಿನಲ್ಲಿ ಹೆಚ್ಚಿನ ಕೆರೆಗಳನ್ನು ಯೋಜನೆಗೆ ಸೇರಿಸಿಕೊಳ್ಳಬೇಕು ಎಂದು ಮುಖ್ಯಮಂತ್ರಿ ಸೂಚಿಸಿದರು. ಸಭೆಯಲ್ಲಿ ಸಣ್ಣ ನೀರಾವರಿ ಸಚಿವ ಎನ್.ಎಸ್.ಬೋಸರಾಜು, ಮುಖ್ಯಮಂತ್ರಿಗಳ ರಾಜಕೀಯ ಕಾರ್ಯದರ್ಶಿ ಸೇರಿದಂತೆ ಹಿರಿಯ ಅಧಿಕಾರಿಗಳು ಉಪಸ್ಥಿತರಿದ್ದರು. ಎತ್ತಿನಹೊಳೆ ಯೋಜನೆಯ ಕಾಮಗಾರಿಯನ್ನು ಶೀಘ್ರವಾಗಿ ಪೂರ್ಣಗೊಳಿಸಿ ಬಯಲು ಸೀಮೆ ಜಿಲ್ಲೆಗಳಿಗೆ ಕುಡಿಯುವ ನೀರು ಒದಗಿಸಲು ಕ್ರಮ ಕೈಗೊಳ್ಳಬೇಕು. ಎಚ್.ಎನ್.ವ್ಯಾಲಿ ಯೋಜನೆಯ ಮೂರನೇ ಹಂತದ ಬಗ್ಗೆಯೂ ಚರ್ಚಿಸಲಾಯಿತು. ಈ ಯೋಜನೆಯಡಿ 65 ಕೆರೆಗಳಿಗೆ ನೀರು ತುಂಬಿಸಲಾಗುತ್ತಿದೆ. ಲಕ್ಷ್ಮೀಸಾಗರ ಕೆರೆಯಿಂದ ಪಂಪ್ ಹೌಸ್ ನವರೆಗೆ ಪೈಪ್ ಲೈನ್ ಕಾಮಗಾರಿ ಪ್ರಗತಿಯಲ್ಲಿದೆ. ಡಿ.ಕೆ.ಶಿವಕುಮಾರ್ ಸೇರಿದಂತೆ ಹಲವರು ಹಾಜರಿದ್ದರು.
SUDDI MOOLA- Printed and Published by Vishwanath Basavaraj Swamy on behalf of Suddimoola Publishers India Limited. Printed at Abhimani Prakashana, No.2/4, Dr.Rajkumar Road, Benagluru-560010 Karnataka.
Published at # 76/1, 6th Cross, Sampige Road, Malleshwaram, Bengaluru-560003 Karnataka. Mob: 9591374602 Editor: Basavaraj Swamy RNI No: KARKAN/2023/85361 Vol:03 No:139
